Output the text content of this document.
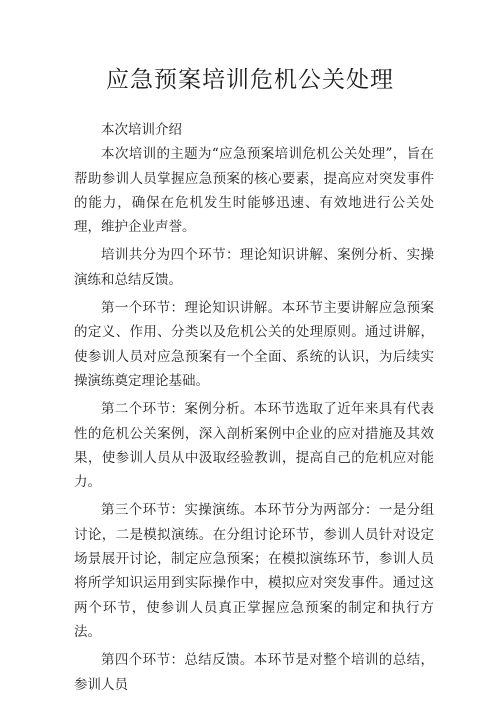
应急预案培训危机公关处理

本次培训介绍

本次培训的主题为“应急预案培训危机公关处理”，旨在帮助参训人员掌握应急预案的核心要素，提高应对突发事件的能力，确保在危机发生时能够迅速、有效地进行公关处理，维护企业声誉。

培训共分为四个环节：理论知识讲解、案例分析、实操演练和总结反馈。

第一个环节：理论知识讲解。本环节主要讲解应急预案的定义、作用、分类以及危机公关的处理原则。通过讲解，使参训人员对应急预案有一个全面、系统的认识，为后续实操演练奠定理论基础。

第二个环节：案例分析。本环节选取了近年来具有代表性的危机公关案例，深入剖析案例中企业的应对措施及其效果，使参训人员从中汲取经验教训，提高自己的危机应对能力。

第三个环节：实操演练。本环节分为两部分：一是分组讨论，二是模拟演练。在分组讨论环节，参训人员针对设定场景展开讨论，制定应急预案；在模拟演练环节，参训人员将所学知识运用到实际操作中，模拟应对突发事件。通过这两个环节，使参训人员真正掌握应急预案的制定和执行方法。

第四个环节：总结反馈。本环节是对整个培训的总结，参训人员
